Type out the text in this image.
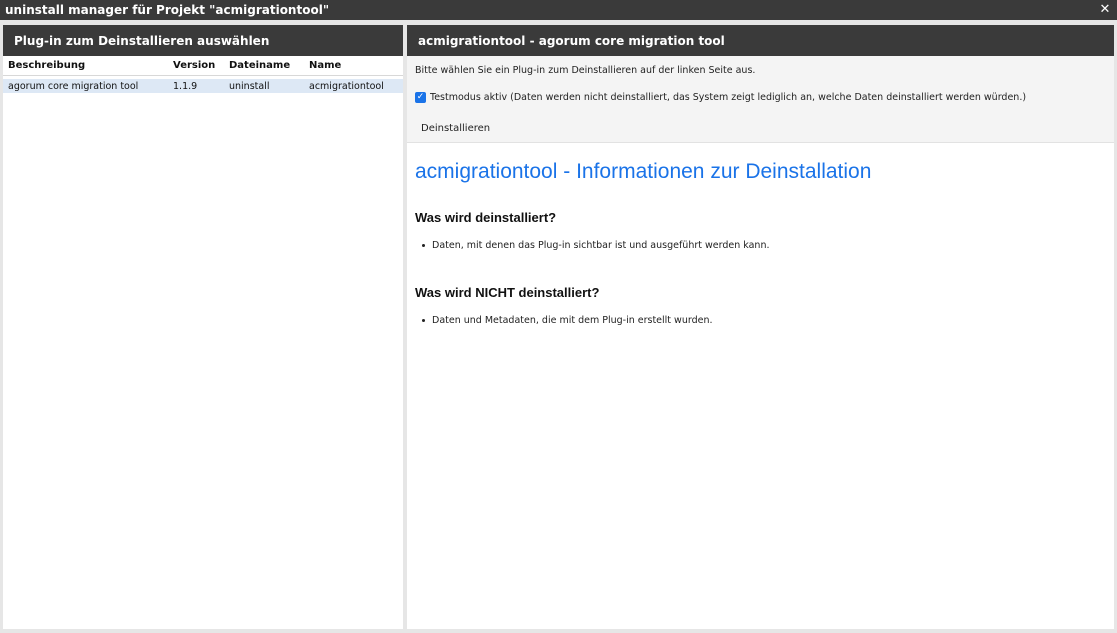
uninstall manager für Projekt "acmigrationtool"	✕
Plug-in zum Deinstallieren auswählen
Beschreibung	Version	Dateiname	Name
agorum core migration tool	1.1.9	uninstall	acmigrationtool
acmigrationtool - agorum core migration tool
Bitte wählen Sie ein Plug-in zum Deinstallieren auf der linken Seite aus.
✓ Testmodus aktiv (Daten werden nicht deinstalliert, das System zeigt lediglich an, welche Daten deinstalliert werden würden.)
Deinstallieren
acmigrationtool - Informationen zur Deinstallation
Was wird deinstalliert?
Daten, mit denen das Plug-in sichtbar ist und ausgeführt werden kann.
Was wird NICHT deinstalliert?
Daten und Metadaten, die mit dem Plug-in erstellt wurden.
